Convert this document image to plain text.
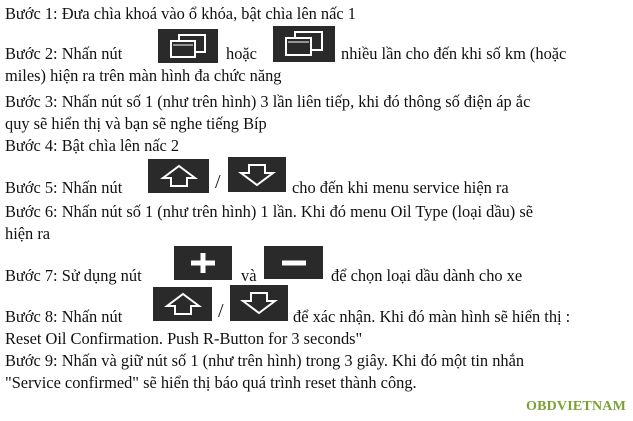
Bước 1: Đưa chìa khoá vào ổ khóa, bật chìa lên nấc 1
Bước 2: Nhấn nút	hoặc	nhiều lần cho đến khi số km (hoặc
miles) hiện ra trên màn hình đa chức năng
Bước 3: Nhấn nút số 1 (như trên hình) 3 lần liên tiếp, khi đó thông số điện áp ắc
quy sẽ hiển thị và bạn sẽ nghe tiếng Bíp
Bước 4: Bật chìa lên nấc 2
Bước 5: Nhấn nút	/	cho đến khi menu service hiện ra
Bước 6: Nhấn nút số 1 (như trên hình) 1 lần. Khi đó menu Oil Type (loại dầu) sẽ
hiện ra
Bước 7: Sử dụng nút	và	để chọn loại dầu dành cho xe
Bước 8: Nhấn nút	/	để xác nhận. Khi đó màn hình sẽ hiển thị :
Reset Oil Confirmation. Push R-Button for 3 seconds"
Bước 9: Nhấn và giữ nút số 1 (như trên hình) trong 3 giây. Khi đó một tin nhắn
"Service confirmed" sẽ hiển thị báo quá trình reset thành công.
OBDVIETNAM
